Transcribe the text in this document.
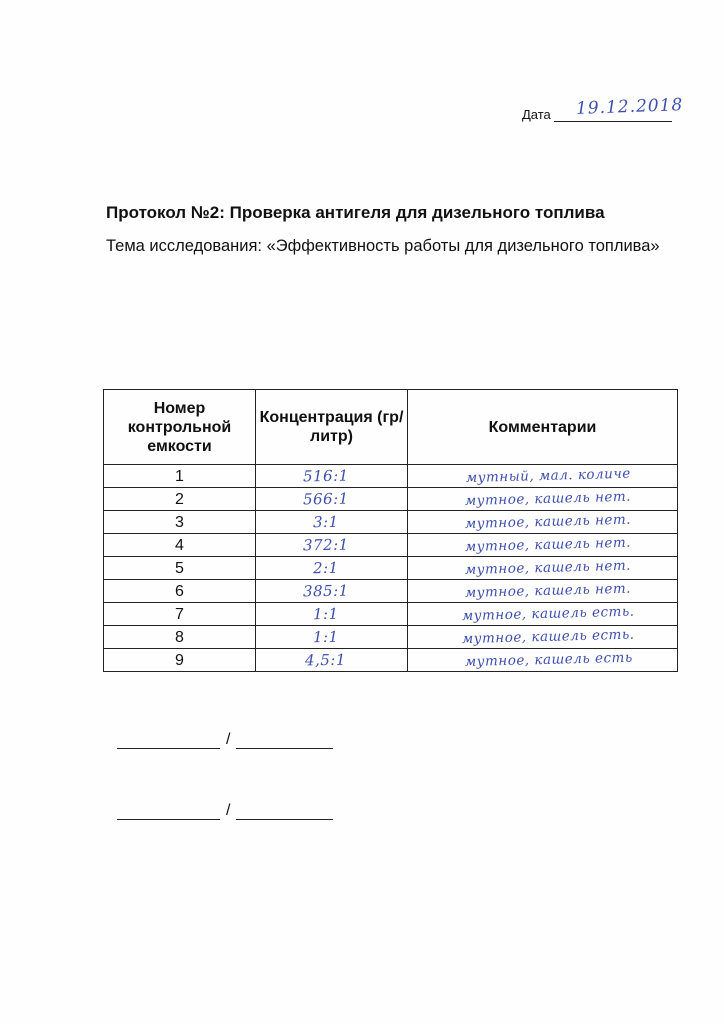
Дата 19.12.2018
Протокол №2: Проверка антигеля для дизельного топлива
Тема исследования: «Эффективность работы для дизельного топлива»
Номер контрольной емкости	Концентрация (гр/литр)	Комментарии
1	516:1	мутный, мал. количе
2	566:1	мутное, кашель нет.
3	3:1	мутное, кашель нет.
4	372:1	мутное, кашель нет.
5	2:1	мутное, кашель нет.
6	385:1	мутное, кашель нет.
7	1:1	мутное, кашель есть.
8	1:1	мутное, кашель есть.
9	4,5:1	мутное, кашель есть
/
/
